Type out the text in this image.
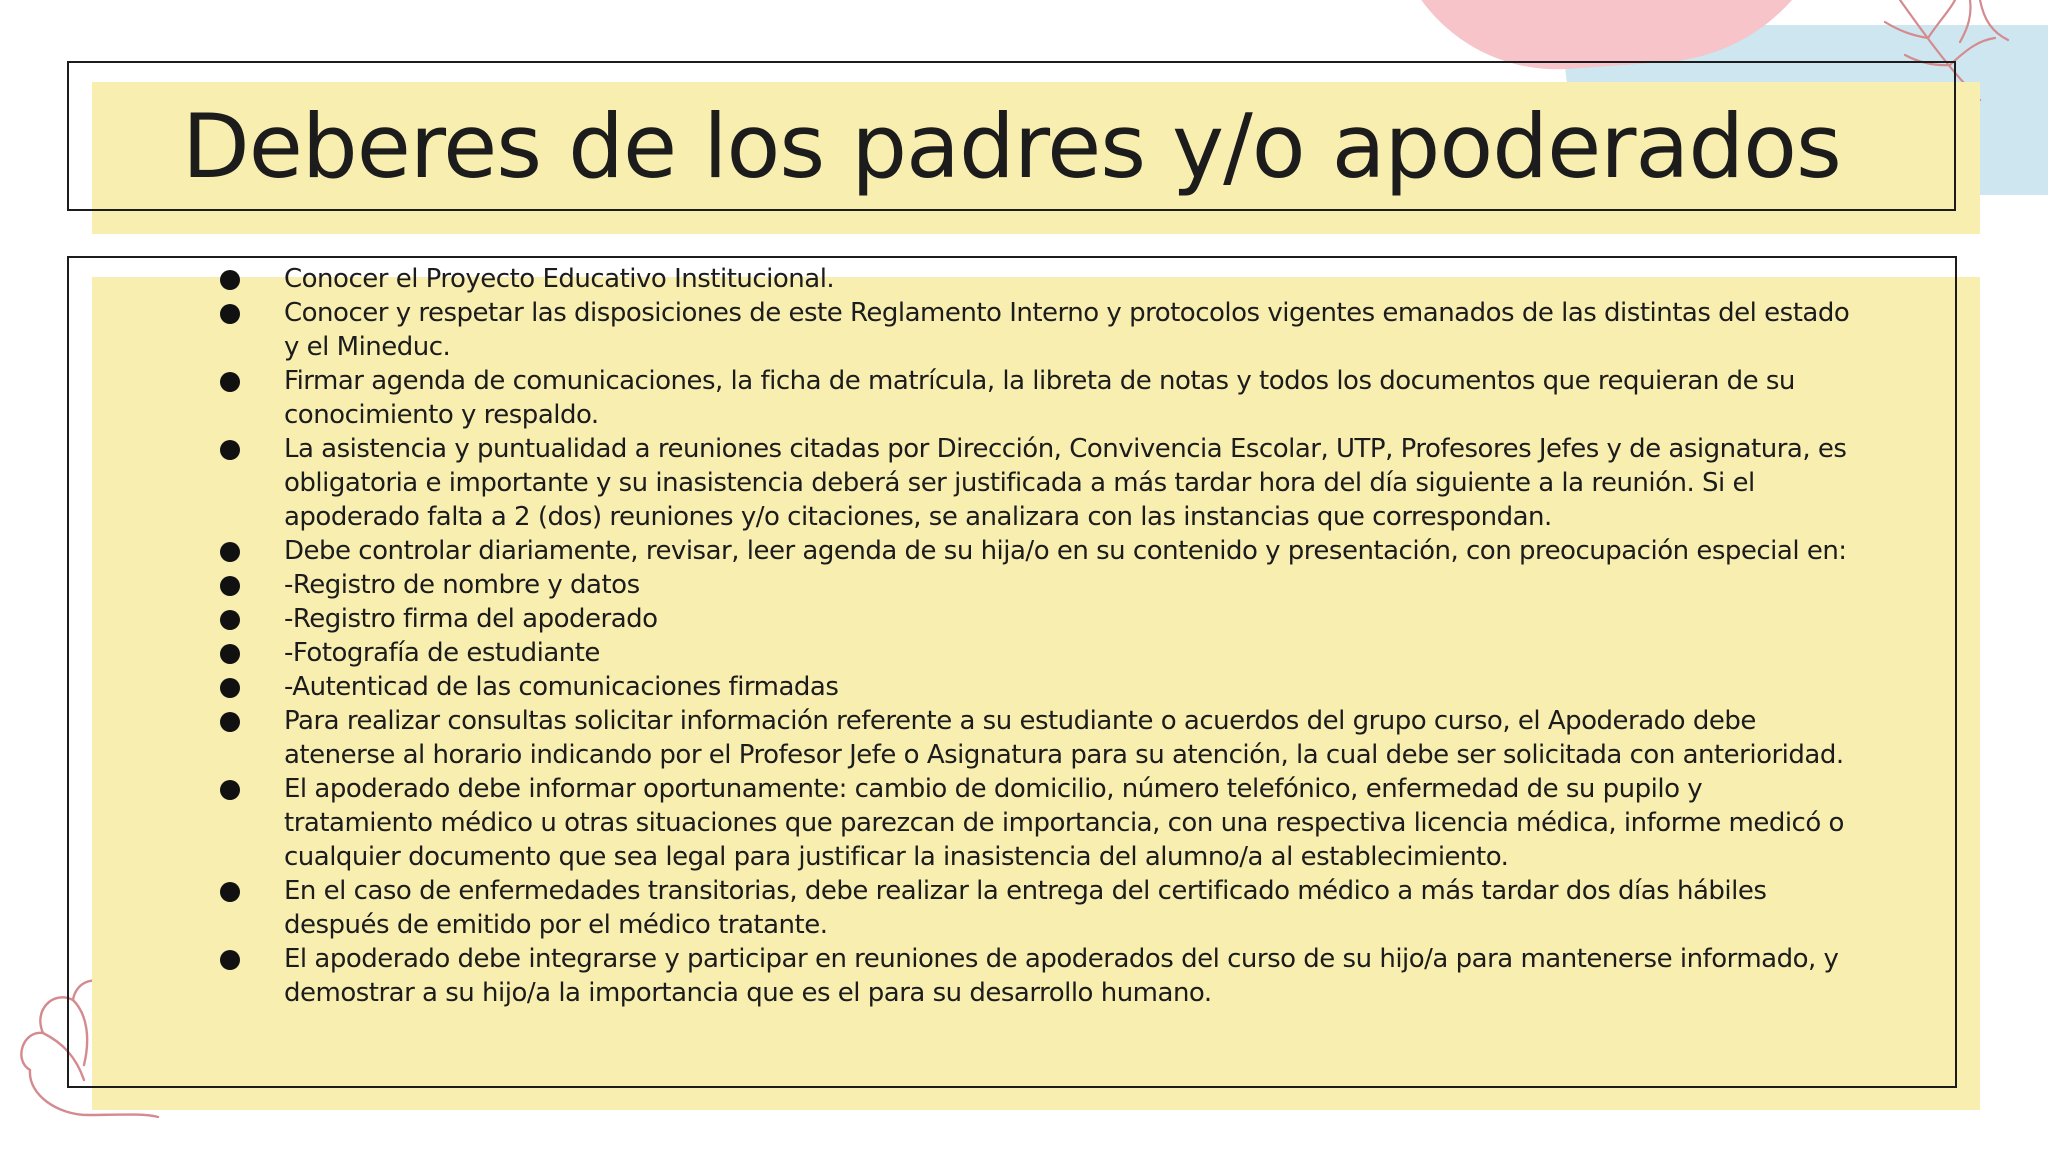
Deberes de los padres y/o apoderados
Conocer el Proyecto Educativo Institucional.
Conocer y respetar las disposiciones de este Reglamento Interno y protocolos vigentes emanados de las distintas del estado y el Mineduc.
Firmar agenda de comunicaciones, la ficha de matrícula, la libreta de notas y todos los documentos que requieran de su conocimiento y respaldo.
La asistencia y puntualidad a reuniones citadas por Dirección, Convivencia Escolar, UTP, Profesores Jefes y de asignatura, es obligatoria e importante y su inasistencia deberá ser justificada a más tardar hora del día siguiente a la reunión. Si el apoderado falta a 2 (dos) reuniones y/o citaciones, se analizara con las instancias que correspondan.
Debe controlar diariamente, revisar, leer agenda de su hija/o en su contenido y presentación, con preocupación especial en:
-Registro de nombre y datos
-Registro firma del apoderado
-Fotografía de estudiante
-Autenticad de las comunicaciones firmadas
Para realizar consultas solicitar información referente a su estudiante o acuerdos del grupo curso, el Apoderado debe atenerse al horario indicando por el Profesor Jefe o Asignatura para su atención, la cual debe ser solicitada con anterioridad.
El apoderado debe informar oportunamente: cambio de domicilio, número telefónico, enfermedad de su pupilo y tratamiento médico u otras situaciones que parezcan de importancia, con una respectiva licencia médica, informe medicó o cualquier documento que sea legal para justificar la inasistencia del alumno/a al establecimiento.
En el caso de enfermedades transitorias, debe realizar la entrega del certificado médico a más tardar dos días hábiles después de emitido por el médico tratante.
El apoderado debe integrarse y participar en reuniones de apoderados del curso de su hijo/a para mantenerse informado, y demostrar a su hijo/a la importancia que es el para su desarrollo humano.
